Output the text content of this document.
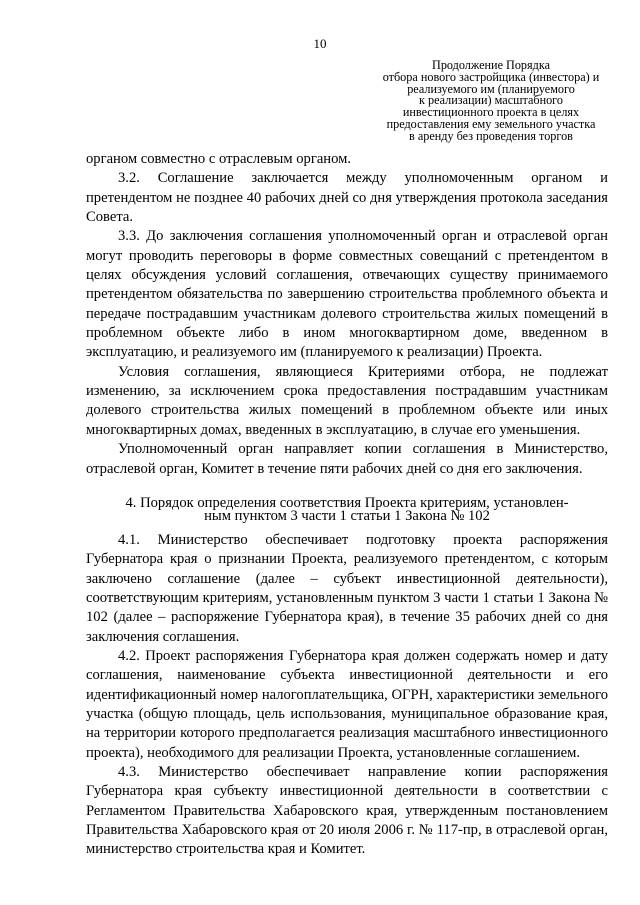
10
Продолжение Порядка
отбора нового застройщика (инвестора) и
реализуемого им (планируемого
к реализации) масштабного
инвестиционного проекта в целях
предоставления ему земельного участка
в аренду без проведения торгов

органом совместно с отраслевым органом.

3.2. Соглашение заключается между уполномоченным органом и претендентом не позднее 40 рабочих дней со дня утверждения протокола заседания Совета.

3.3. До заключения соглашения уполномоченный орган и отраслевой орган могут проводить переговоры в форме совместных совещаний с претендентом в целях обсуждения условий соглашения, отвечающих существу принимаемого претендентом обязательства по завершению строительства проблемного объекта и передаче пострадавшим участникам долевого строительства жилых помещений в проблемном объекте либо в ином многоквартирном доме, введенном в эксплуатацию, и реализуемого им (планируемого к реализации) Проекта.

Условия соглашения, являющиеся Критериями отбора, не подлежат изменению, за исключением срока предоставления пострадавшим участникам долевого строительства жилых помещений в проблемном объекте или иных многоквартирных домах, введенных в эксплуатацию, в случае его уменьшения.

Уполномоченный орган направляет копии соглашения в Министерство, отраслевой орган, Комитет в течение пяти рабочих дней со дня его заключения.

4. Порядок определения соответствия Проекта критериям, установлен-
ным пунктом 3 части 1 статьи 1 Закона № 102

4.1. Министерство обеспечивает подготовку проекта распоряжения Губернатора края о признании Проекта, реализуемого претендентом, с которым заключено соглашение (далее – субъект инвестиционной деятельности), соответствующим критериям, установленным пунктом 3 части 1 статьи 1 Закона № 102 (далее – распоряжение Губернатора края), в течение 35 рабочих дней со дня заключения соглашения.

4.2. Проект распоряжения Губернатора края должен содержать номер и дату соглашения, наименование субъекта инвестиционной деятельности и его идентификационный номер налогоплательщика, ОГРН, характеристики земельного участка (общую площадь, цель использования, муниципальное образование края, на территории которого предполагается реализация масштабного инвестиционного проекта), необходимого для реализации Проекта, установленные соглашением.

4.3. Министерство обеспечивает направление копии распоряжения Губернатора края субъекту инвестиционной деятельности в соответствии с Регламентом Правительства Хабаровского края, утвержденным постановлением Правительства Хабаровского края от 20 июля 2006 г. № 117-пр, в отраслевой орган, министерство строительства края и Комитет.
